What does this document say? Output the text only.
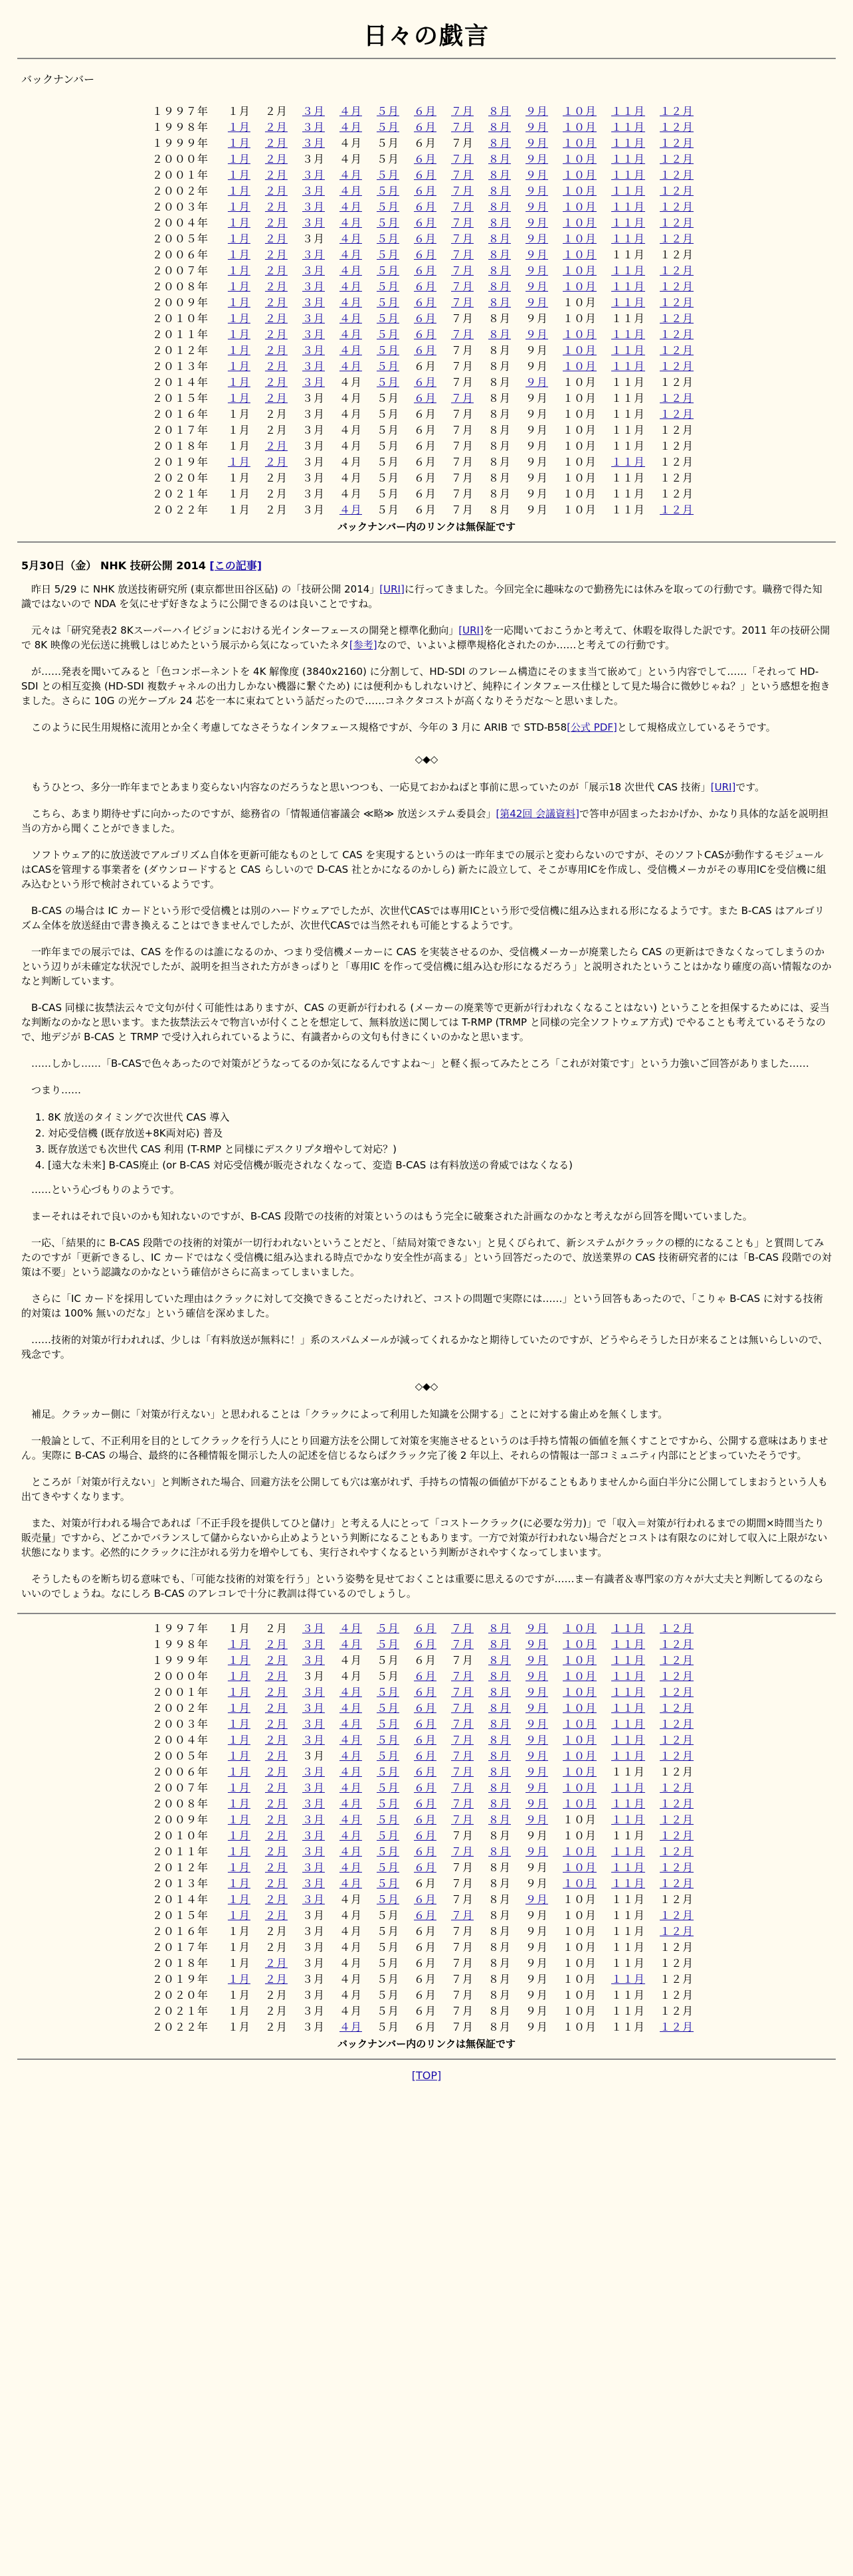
日々の戯言
バックナンバー
１９９７年	１月	２月	３月	４月	５月	６月	７月	８月	９月	１０月	１１月	１２月
１９９８年	１月	２月	３月	４月	５月	６月	７月	８月	９月	１０月	１１月	１２月
１９９９年	１月	２月	３月	４月	５月	６月	７月	８月	９月	１０月	１１月	１２月
２０００年	１月	２月	３月	４月	５月	６月	７月	８月	９月	１０月	１１月	１２月
２００１年	１月	２月	３月	４月	５月	６月	７月	８月	９月	１０月	１１月	１２月
２００２年	１月	２月	３月	４月	５月	６月	７月	８月	９月	１０月	１１月	１２月
２００３年	１月	２月	３月	４月	５月	６月	７月	８月	９月	１０月	１１月	１２月
２００４年	１月	２月	３月	４月	５月	６月	７月	８月	９月	１０月	１１月	１２月
２００５年	１月	２月	３月	４月	５月	６月	７月	８月	９月	１０月	１１月	１２月
２００６年	１月	２月	３月	４月	５月	６月	７月	８月	９月	１０月	１１月	１２月
２００７年	１月	２月	３月	４月	５月	６月	７月	８月	９月	１０月	１１月	１２月
２００８年	１月	２月	３月	４月	５月	６月	７月	８月	９月	１０月	１１月	１２月
２００９年	１月	２月	３月	４月	５月	６月	７月	８月	９月	１０月	１１月	１２月
２０１０年	１月	２月	３月	４月	５月	６月	７月	８月	９月	１０月	１１月	１２月
２０１１年	１月	２月	３月	４月	５月	６月	７月	８月	９月	１０月	１１月	１２月
２０１２年	１月	２月	３月	４月	５月	６月	７月	８月	９月	１０月	１１月	１２月
２０１３年	１月	２月	３月	４月	５月	６月	７月	８月	９月	１０月	１１月	１２月
２０１４年	１月	２月	３月	４月	５月	６月	７月	８月	９月	１０月	１１月	１２月
２０１５年	１月	２月	３月	４月	５月	６月	７月	８月	９月	１０月	１１月	１２月
２０１６年	１月	２月	３月	４月	５月	６月	７月	８月	９月	１０月	１１月	１２月
２０１７年	１月	２月	３月	４月	５月	６月	７月	８月	９月	１０月	１１月	１２月
２０１８年	１月	２月	３月	４月	５月	６月	７月	８月	９月	１０月	１１月	１２月
２０１９年	１月	２月	３月	４月	５月	６月	７月	８月	９月	１０月	１１月	１２月
２０２０年	１月	２月	３月	４月	５月	６月	７月	８月	９月	１０月	１１月	１２月
２０２１年	１月	２月	３月	４月	５月	６月	７月	８月	９月	１０月	１１月	１２月
２０２２年	１月	２月	３月	４月	５月	６月	７月	８月	９月	１０月	１１月	１２月
バックナンバー内のリンクは無保証です
5月30日（金） NHK 技研公開 2014 [この記事]

昨日 5/29 に NHK 放送技術研究所 (東京都世田谷区砧) の「技研公開 2014」[URI]に行ってきました。今回完全に趣味なので勤務先には休みを取っての行動です。職務で得た知識ではないので NDA を気にせず好きなように公開できるのは良いことですね。

元々は「研究発表2 8Kスーパーハイビジョンにおける光インターフェースの開発と標準化動向」[URI]を一応聞いておこうかと考えて、休暇を取得した訳です。2011 年の技研公開で 8K 映像の光伝送に挑戦しはじめたという展示から気になっていたネタ[参考]なので、いよいよ標準規格化されたのか……と考えての行動です。

が……発表を聞いてみると「色コンポーネントを 4K 解像度 (3840x2160) に分割して、HD-SDI のフレーム構造にそのまま当て嵌めて」という内容でして……「それって HD-SDI との相互変換 (HD-SDI 複数チャネルの出力しかない機器に繋ぐため) には便利かもしれないけど、純粋にインタフェース仕様として見た場合に微妙じゃね？」という感想を抱きました。さらに 10G の光ケーブル 24 芯を一本に束ねてという話だったので……コネクタコストが高くなりそうだな～と思いました。

このように民生用規格に流用とか全く考慮してなさそうなインタフェース規格ですが、今年の 3 月に ARIB で STD-B58[公式 PDF]として規格成立しているそうです。

◇◆◇

もうひとつ、多分一昨年までとあまり変らない内容なのだろうなと思いつつも、一応見ておかねばと事前に思っていたのが「展示18 次世代 CAS 技術」[URI]です。

こちら、あまり期待せずに向かったのですが、総務省の「情報通信審議会 ≪略≫ 放送システム委員会」[第42回 会議資料]で答申が固まったおかげか、かなり具体的な話を説明担当の方から聞くことができました。

ソフトウェア的に放送波でアルゴリズム自体を更新可能なものとして CAS を実現するというのは一昨年までの展示と変わらないのですが、そのソフトCASが動作するモジュールはCASを管理する事業者を (ダウンロードすると CAS らしいので D-CAS 社とかになるのかしら) 新たに設立して、そこが専用ICを作成し、受信機メーカがその専用ICを受信機に組み込むという形で検討されているようです。

B-CAS の場合は IC カードという形で受信機とは別のハードウェアでしたが、次世代CASでは専用ICという形で受信機に組み込まれる形になるようです。また B-CAS はアルゴリズム全体を放送経由で書き換えることはできませんでしたが、次世代CASでは当然それも可能とするようです。

一昨年までの展示では、CAS を作るのは誰になるのか、つまり受信機メーカーに CAS を実装させるのか、受信機メーカーが廃業したら CAS の更新はできなくなってしまうのかという辺りが未確定な状況でしたが、説明を担当された方がきっぱりと「専用IC を作って受信機に組み込む形になるだろう」と説明されたということはかなり確度の高い情報なのかなと判断しています。

B-CAS 同様に抜禁法云々で文句が付く可能性はありますが、CAS の更新が行われる (メーカーの廃業等で更新が行われなくなることはない) ということを担保するためには、妥当な判断なのかなと思います。また抜禁法云々で物言いが付くことを想定して、無料放送に関しては T-RMP (TRMP と同様の完全ソフトウェア方式) でやることも考えているそうなので、地デジが B-CAS と TRMP で受け入れられているように、有識者からの文句も付きにくいのかなと思います。

……しかし……「B-CASで色々あったので対策がどうなってるのか気になるんですよね～」と軽く振ってみたところ「これが対策です」という力強いご回答がありました……

つまり……

1. 8K 放送のタイミングで次世代 CAS 導入
2. 対応受信機 (既存放送+8K両対応) 普及
3. 既存放送でも次世代 CAS 利用 (T-RMP と同様にデスクリプタ増やして対応？)
4. [遠大な未来] B-CAS廃止 (or B-CAS 対応受信機が販売されなくなって、変造 B-CAS は有料放送の脅威ではなくなる)

……という心づもりのようです。

まーそれはそれで良いのかも知れないのですが、B-CAS 段階での技術的対策というのはもう完全に破棄された計画なのかなと考えながら回答を聞いていました。

一応、「結果的に B-CAS 段階での技術的対策が一切行われないということだと、「結局対策できない」と見くびられて、新システムがクラックの標的になることも」と質問してみたのですが「更新できるし、IC カードではなく受信機に組み込まれる時点でかなり安全性が高まる」という回答だったので、放送業界の CAS 技術研究者的には「B-CAS 段階での対策は不要」という認識なのかなという確信がさらに高まってしまいました。

さらに「IC カードを採用していた理由はクラックに対して交換できることだったけれど、コストの問題で実際には……」という回答もあったので、「こりゃ B-CAS に対する技術的対策は 100% 無いのだな」という確信を深めました。

……技術的対策が行われれば、少しは「有料放送が無料に！」系のスパムメールが減ってくれるかなと期待していたのですが、どうやらそうした日が来ることは無いらしいので、残念です。

◇◆◇

補足。クラッカー側に「対策が行えない」と思われることは「クラックによって利用した知識を公開する」ことに対する歯止めを無くします。

一般論として、不正利用を目的としてクラックを行う人にとり回避方法を公開して対策を実施させるというのは手持ち情報の価値を無くすことですから、公開する意味はありません。実際に B-CAS の場合、最終的に各種情報を開示した人の記述を信じるならばクラック完了後 2 年以上、それらの情報は一部コミュニティ内部にとどまっていたそうです。

ところが「対策が行えない」と判断された場合、回避方法を公開しても穴は塞がれず、手持ちの情報の価値が下がることもありませんから面白半分に公開してしまおうという人も出てきやすくなります。

また、対策が行われる場合であれば「不正手段を提供してひと儲け」と考える人にとって「コストークラック(に必要な労力)」で「収入＝対策が行われるまでの期間×時間当たり販売量」ですから、どこかでバランスして儲からないから止めようという判断になることもあります。一方で対策が行われない場合だとコストは有限なのに対して収入に上限がない状態になります。必然的にクラックに注がれる労力を増やしても、実行されやすくなるという判断がされやすくなってしまいます。

そうしたものを断ち切る意味でも、「可能な技術的対策を行う」という姿勢を見せておくことは重要に思えるのですが……まー有識者＆専門家の方々が大丈夫と判断してるのならいいのでしょうね。なにしろ B-CAS のアレコレで十分に教訓は得ているのでしょうし。

１９９７年	１月	２月	３月	４月	５月	６月	７月	８月	９月	１０月	１１月	１２月
１９９８年	１月	２月	３月	４月	５月	６月	７月	８月	９月	１０月	１１月	１２月
１９９９年	１月	２月	３月	４月	５月	６月	７月	８月	９月	１０月	１１月	１２月
２０００年	１月	２月	３月	４月	５月	６月	７月	８月	９月	１０月	１１月	１２月
２００１年	１月	２月	３月	４月	５月	６月	７月	８月	９月	１０月	１１月	１２月
２００２年	１月	２月	３月	４月	５月	６月	７月	８月	９月	１０月	１１月	１２月
２００３年	１月	２月	３月	４月	５月	６月	７月	８月	９月	１０月	１１月	１２月
２００４年	１月	２月	３月	４月	５月	６月	７月	８月	９月	１０月	１１月	１２月
２００５年	１月	２月	３月	４月	５月	６月	７月	８月	９月	１０月	１１月	１２月
２００６年	１月	２月	３月	４月	５月	６月	７月	８月	９月	１０月	１１月	１２月
２００７年	１月	２月	３月	４月	５月	６月	７月	８月	９月	１０月	１１月	１２月
２００８年	１月	２月	３月	４月	５月	６月	７月	８月	９月	１０月	１１月	１２月
２００９年	１月	２月	３月	４月	５月	６月	７月	８月	９月	１０月	１１月	１２月
２０１０年	１月	２月	３月	４月	５月	６月	７月	８月	９月	１０月	１１月	１２月
２０１１年	１月	２月	３月	４月	５月	６月	７月	８月	９月	１０月	１１月	１２月
２０１２年	１月	２月	３月	４月	５月	６月	７月	８月	９月	１０月	１１月	１２月
２０１３年	１月	２月	３月	４月	５月	６月	７月	８月	９月	１０月	１１月	１２月
２０１４年	１月	２月	３月	４月	５月	６月	７月	８月	９月	１０月	１１月	１２月
２０１５年	１月	２月	３月	４月	５月	６月	７月	８月	９月	１０月	１１月	１２月
２０１６年	１月	２月	３月	４月	５月	６月	７月	８月	９月	１０月	１１月	１２月
２０１７年	１月	２月	３月	４月	５月	６月	７月	８月	９月	１０月	１１月	１２月
２０１８年	１月	２月	３月	４月	５月	６月	７月	８月	９月	１０月	１１月	１２月
２０１９年	１月	２月	３月	４月	５月	６月	７月	８月	９月	１０月	１１月	１２月
２０２０年	１月	２月	３月	４月	５月	６月	７月	８月	９月	１０月	１１月	１２月
２０２１年	１月	２月	３月	４月	５月	６月	７月	８月	９月	１０月	１１月	１２月
２０２２年	１月	２月	３月	４月	５月	６月	７月	８月	９月	１０月	１１月	１２月
バックナンバー内のリンクは無保証です
[TOP]
